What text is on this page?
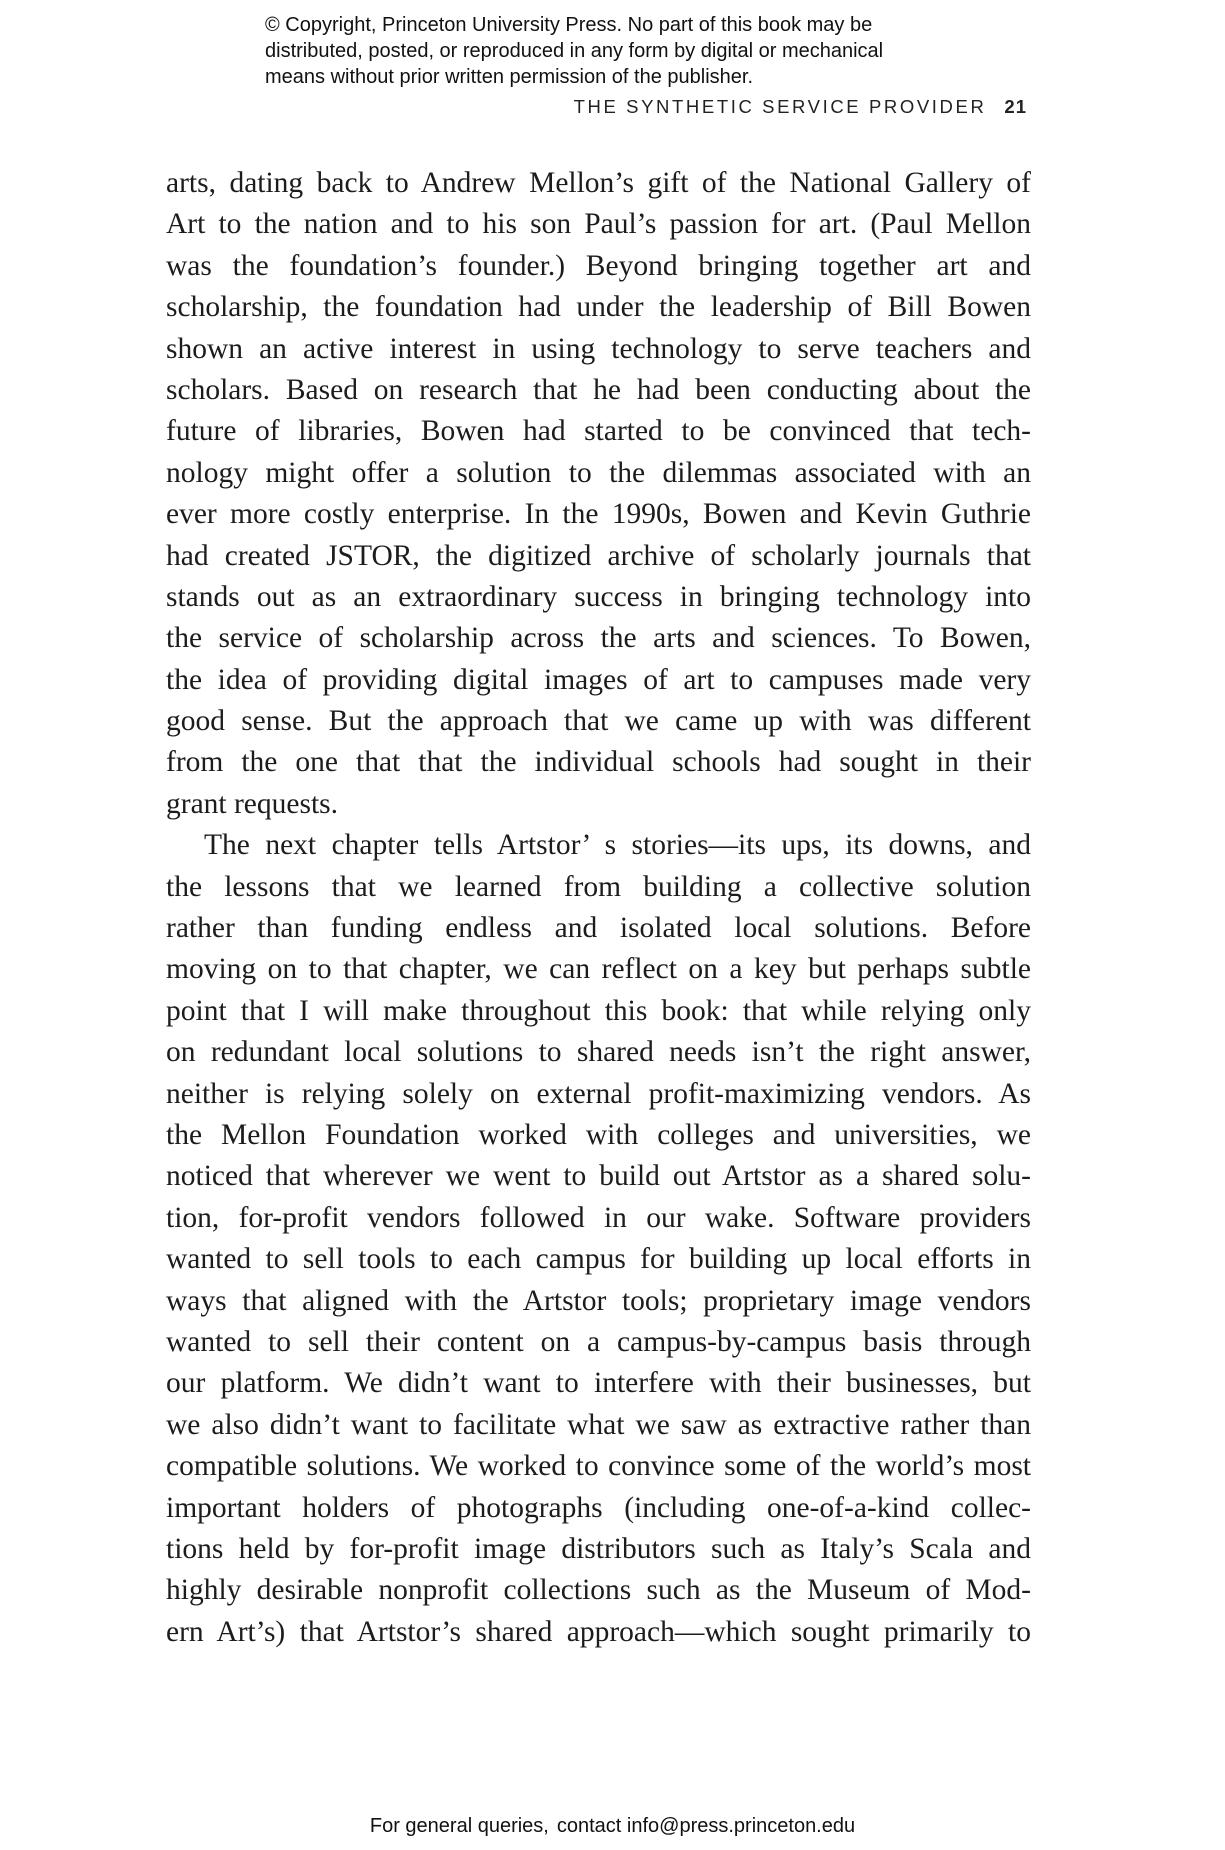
© Copyright, Princeton University Press. No part of this book may be
distributed, posted, or reproduced in any form by digital or mechanical
means without prior written permission of the publisher.
THE SYNTHETIC SERVICE PROVIDER 21
arts, dating back to Andrew Mellon’s gift of the National Gallery of
Art to the nation and to his son Paul’s passion for art. (Paul Mellon
was the foundation’s founder.) Beyond bringing together art and
scholarship, the foundation had under the leadership of Bill Bowen
shown an active interest in using technology to serve teachers and
scholars. Based on research that he had been conducting about the
future of libraries, Bowen had started to be convinced that tech-
nology might offer a solution to the dilemmas associated with an
ever more costly enterprise. In the 1990s, Bowen and Kevin Guthrie
had created JSTOR, the digitized archive of scholarly journals that
stands out as an extraordinary success in bringing technology into
the service of scholarship across the arts and sciences. To Bowen,
the idea of providing digital images of art to campuses made very
good sense. But the approach that we came up with was different
from the one that that the individual schools had sought in their
grant requests.
The next chapter tells Artstor’ s stories—its ups, its downs, and
the lessons that we learned from building a collective solution
rather than funding endless and isolated local solutions. Before
moving on to that chapter, we can reflect on a key but perhaps subtle
point that I will make throughout this book: that while relying only
on redundant local solutions to shared needs isn’t the right answer,
neither is relying solely on external profit-maximizing vendors. As
the Mellon Foundation worked with colleges and universities, we
noticed that wherever we went to build out Artstor as a shared solu-
tion, for-profit vendors followed in our wake. Software providers
wanted to sell tools to each campus for building up local efforts in
ways that aligned with the Artstor tools; proprietary image vendors
wanted to sell their content on a campus-by-campus basis through
our platform. We didn’t want to interfere with their businesses, but
we also didn’t want to facilitate what we saw as extractive rather than
compatible solutions. We worked to convince some of the world’s most
important holders of photographs (including one-of-a-kind collec-
tions held by for-profit image distributors such as Italy’s Scala and
highly desirable nonprofit collections such as the Museum of Mod-
ern Art’s) that Artstor’s shared approach—which sought primarily to
For general queries, contact info@press.princeton.edu
